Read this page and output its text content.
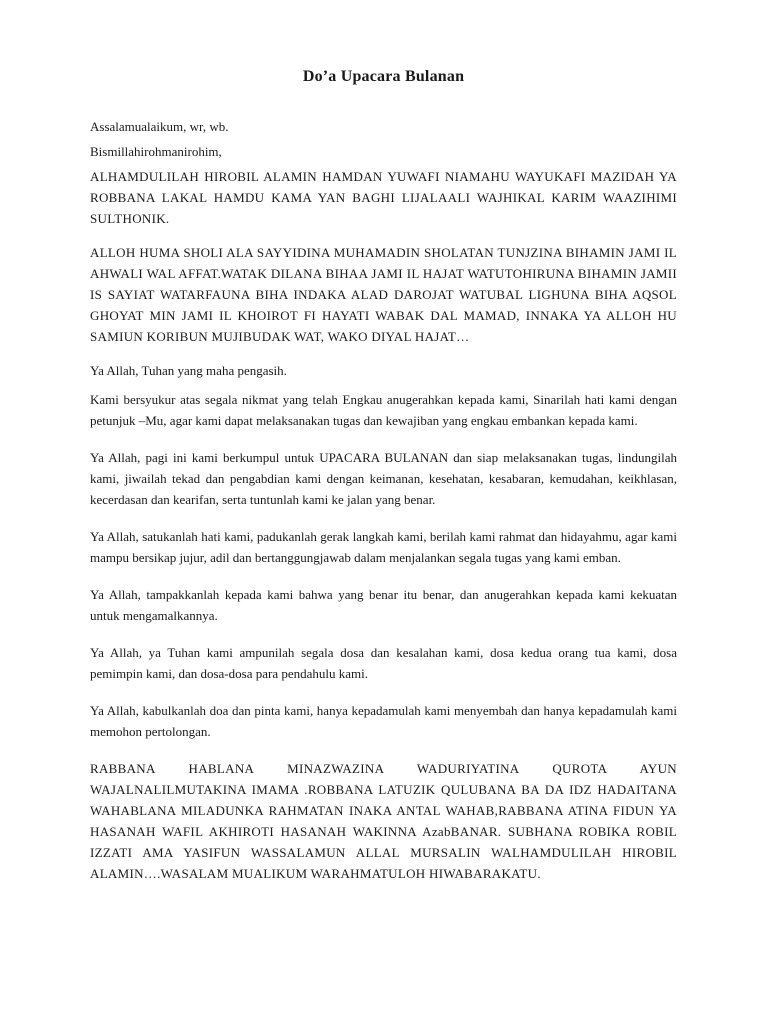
Do’a Upacara Bulanan

Assalamualaikum, wr, wb.

Bismillahirohmanirohim,

ALHAMDULILAH HIROBIL ALAMIN HAMDAN YUWAFI NIAMAHU WAYUKAFI MAZIDAH YA ROBBANA LAKAL HAMDU KAMA YAN BAGHI LIJALAALI WAJHIKAL KARIM WAAZIHIMI SULTHONIK.

ALLOH HUMA SHOLI ALA SAYYIDINA MUHAMADIN SHOLATAN TUNJZINA BIHAMIN JAMI IL AHWALI WAL AFFAT.WATAK DILANA BIHAA JAMI IL HAJAT WATUTOHIRUNA BIHAMIN JAMII IS SAYIAT WATARFAUNA BIHA INDAKA ALAD DAROJAT WATUBAL LIGHUNA BIHA AQSOL GHOYAT MIN JAMI IL KHOIROT FI HAYATI WABAK DAL MAMAD, INNAKA YA ALLOH HU SAMIUN KORIBUN MUJIBUDAK WAT, WAKO DIYAL HAJAT…

Ya Allah, Tuhan yang maha pengasih.

Kami bersyukur atas segala nikmat yang telah Engkau anugerahkan kepada kami, Sinarilah hati kami dengan petunjuk –Mu, agar kami dapat melaksanakan tugas dan kewajiban yang engkau embankan kepada kami.

Ya Allah, pagi ini kami berkumpul untuk UPACARA BULANAN dan siap melaksanakan tugas, lindungilah kami, jiwailah tekad dan pengabdian kami dengan keimanan, kesehatan, kesabaran, kemudahan, keikhlasan, kecerdasan dan kearifan, serta tuntunlah kami ke jalan yang benar.

Ya Allah, satukanlah hati kami, padukanlah gerak langkah kami, berilah kami rahmat dan hidayahmu, agar kami mampu bersikap jujur, adil dan bertanggungjawab dalam menjalankan segala tugas yang kami emban.

Ya Allah, tampakkanlah kepada kami bahwa yang benar itu benar, dan anugerahkan kepada kami kekuatan untuk mengamalkannya.

Ya Allah, ya Tuhan kami ampunilah segala dosa dan kesalahan kami, dosa kedua orang tua kami, dosa pemimpin kami, dan dosa-dosa para pendahulu kami.

Ya Allah, kabulkanlah doa dan pinta kami, hanya kepadamulah kami menyembah dan hanya kepadamulah kami memohon pertolongan.

RABBANA HABLANA MINAZWAZINA WADURIYATINA QUROTA AYUN WAJALNALILMUTAKINA IMAMA .ROBBANA LATUZIK QULUBANA BA DA IDZ HADAITANA WAHABLANA MILADUNKA RAHMATAN INAKA ANTAL WAHAB,RABBANA ATINA FIDUN YA HASANAH WAFIL AKHIROTI HASANAH WAKINNA AzabBANAR. SUBHANA ROBIKA ROBIL IZZATI AMA YASIFUN WASSALAMUN ALLAL MURSALIN WALHAMDULILAH HIROBIL ALAMIN….WASALAM MUALIKUM WARAHMATULOH HIWABARAKATU.
